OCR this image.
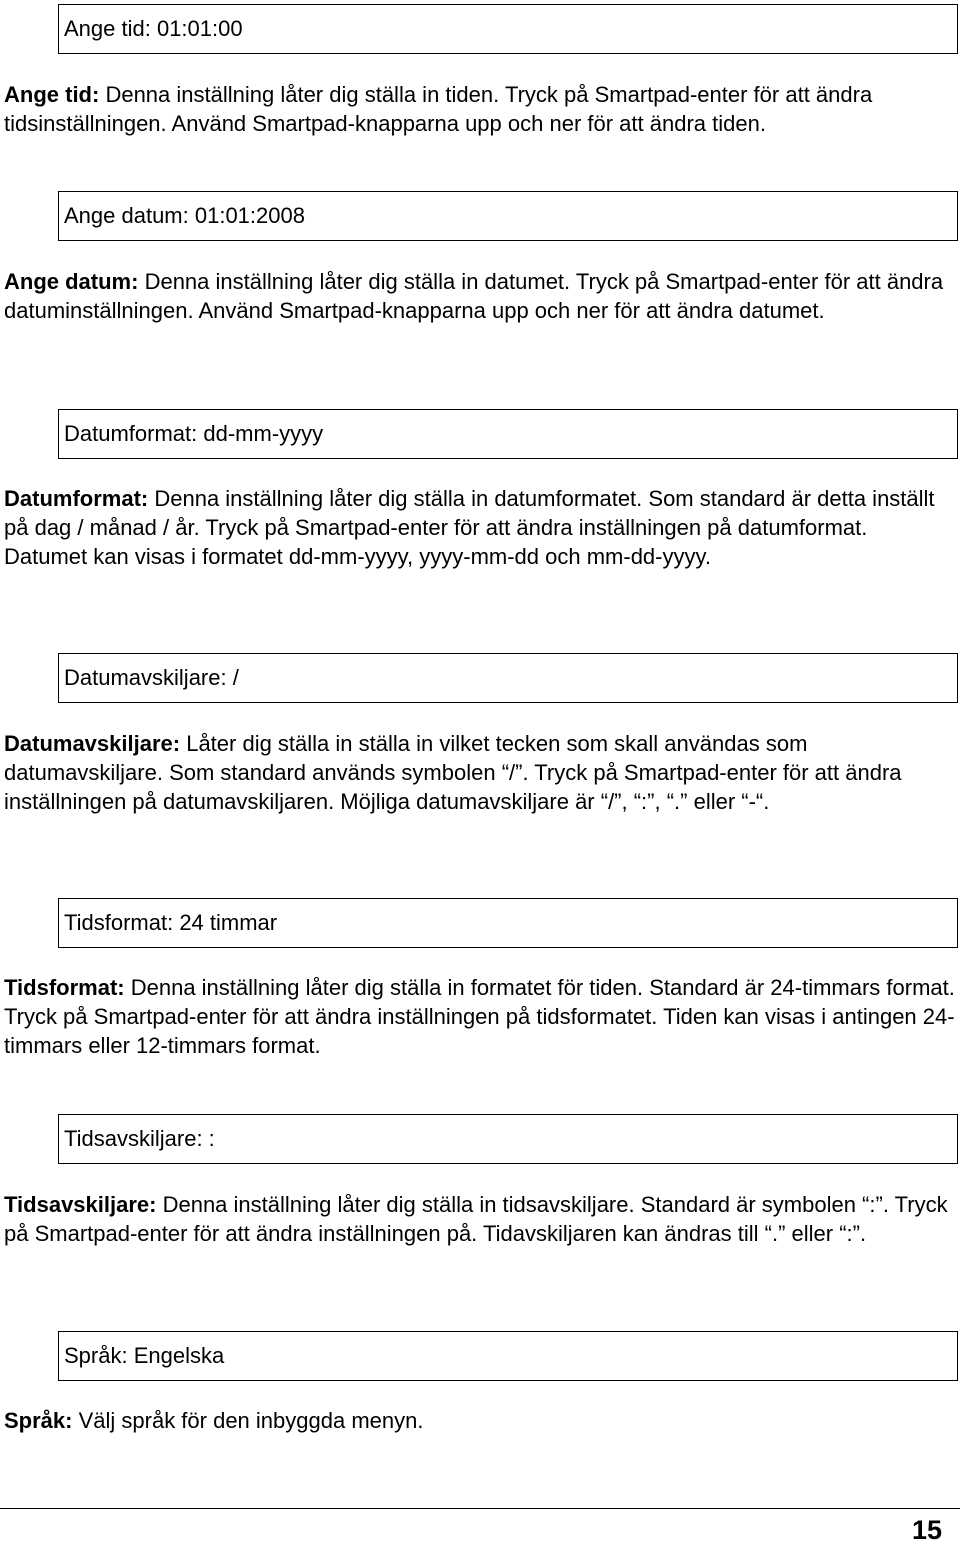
Ange tid: 01:01:00

Ange tid: Denna inställning låter dig ställa in tiden. Tryck på Smartpad-enter för att ändra tidsinställningen. Använd Smartpad-knapparna upp och ner för att ändra tiden.

Ange datum: 01:01:2008

Ange datum: Denna inställning låter dig ställa in datumet. Tryck på Smartpad-enter för att ändra datuminställningen. Använd Smartpad-knapparna upp och ner för att ändra datumet.

Datumformat: dd-mm-yyyy

Datumformat: Denna inställning låter dig ställa in datumformatet. Som standard är detta inställt på dag / månad / år. Tryck på Smartpad-enter för att ändra inställningen på datumformat. Datumet kan visas i formatet dd-mm-yyyy, yyyy-mm-dd och mm-dd-yyyy.

Datumavskiljare: /

Datumavskiljare: Låter dig ställa in ställa in vilket tecken som skall användas som datumavskiljare. Som standard används symbolen “/”. Tryck på Smartpad-enter för att ändra inställningen på datumavskiljaren. Möjliga datumavskiljare är “/”, “:”, “.” eller “-“.

Tidsformat: 24 timmar

Tidsformat: Denna inställning låter dig ställa in formatet för tiden. Standard är 24-timmars format. Tryck på Smartpad-enter för att ändra inställningen på tidsformatet. Tiden kan visas i antingen 24-timmars eller 12-timmars format.

Tidsavskiljare: :

Tidsavskiljare: Denna inställning låter dig ställa in tidsavskiljare. Standard är symbolen “:”. Tryck på Smartpad-enter för att ändra inställningen på. Tidavskiljaren kan ändras till “.” eller “:”.

Språk: Engelska

Språk: Välj språk för den inbyggda menyn.

15
